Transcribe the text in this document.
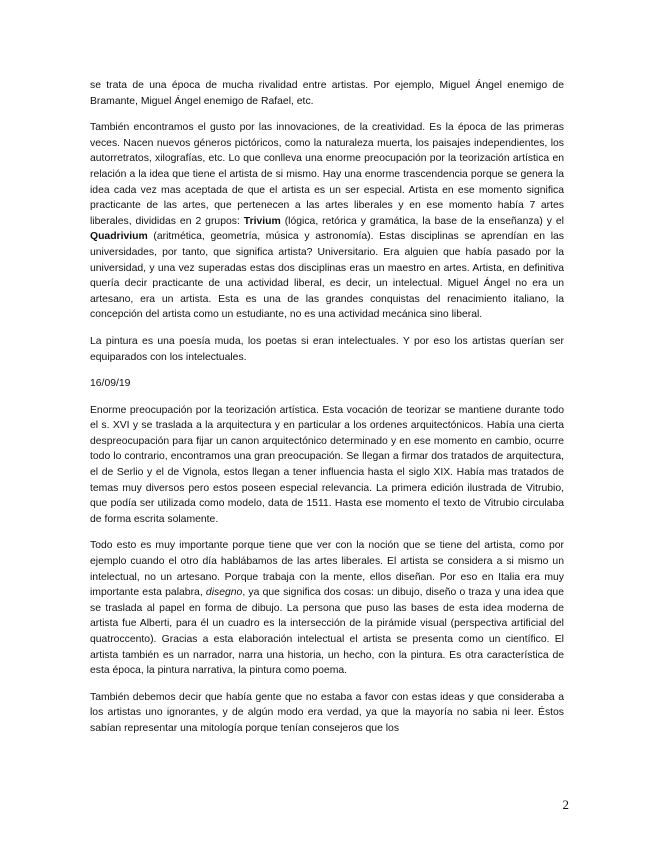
se trata de una época de mucha rivalidad entre artistas. Por ejemplo, Miguel Ángel enemigo de Bramante, Miguel Ángel enemigo de Rafael, etc.

También encontramos el gusto por las innovaciones, de la creatividad. Es la época de las primeras veces. Nacen nuevos géneros pictóricos, como la naturaleza muerta, los paisajes independientes, los autorretratos, xilografías, etc. Lo que conlleva una enorme preocupación por la teorización artística en relación a la idea que tiene el artista de si mismo. Hay una enorme trascendencia porque se genera la idea cada vez mas aceptada de que el artista es un ser especial. Artista en ese momento significa practicante de las artes, que pertenecen a las artes liberales y en ese momento había 7 artes liberales, divididas en 2 grupos: Trivium (lógica, retórica y gramática, la base de la enseñanza) y el Quadrivium (aritmética, geometría, música y astronomía). Estas disciplinas se aprendían en las universidades, por tanto, que significa artista? Universitario. Era alguien que había pasado por la universidad, y una vez superadas estas dos disciplinas eras un maestro en artes. Artista, en definitiva quería decir practicante de una actividad liberal, es decir, un intelectual. Miguel Ángel no era un artesano, era un artista. Esta es una de las grandes conquistas del renacimiento italiano, la concepción del artista como un estudiante, no es una actividad mecánica sino liberal.

La pintura es una poesía muda, los poetas si eran intelectuales. Y por eso los artistas querían ser equiparados con los intelectuales.

16/09/19

Enorme preocupación por la teorización artística. Esta vocación de teorizar se mantiene durante todo el s. XVI y se traslada a la arquitectura y en particular a los ordenes arquitectónicos. Había una cierta despreocupación para fijar un canon arquitectónico determinado y en ese momento en cambio, ocurre todo lo contrario, encontramos una gran preocupación. Se llegan a firmar dos tratados de arquitectura, el de Serlio y el de Vignola, estos llegan a tener influencia hasta el siglo XIX. Había mas tratados de temas muy diversos pero estos poseen especial relevancia. La primera edición ilustrada de Vitrubio, que podía ser utilizada como modelo, data de 1511. Hasta ese momento el texto de Vitrubio circulaba de forma escrita solamente.

Todo esto es muy importante porque tiene que ver con la noción que se tiene del artista, como por ejemplo cuando el otro día hablábamos de las artes liberales. El artista se considera a si mismo un intelectual, no un artesano. Porque trabaja con la mente, ellos diseñan. Por eso en Italia era muy importante esta palabra, disegno, ya que significa dos cosas: un dibujo, diseño o traza y una idea que se traslada al papel en forma de dibujo. La persona que puso las bases de esta idea moderna de artista fue Alberti, para él un cuadro es la intersección de la pirámide visual (perspectiva artificial del quatroccento). Gracias a esta elaboración intelectual el artista se presenta como un científico. El artista también es un narrador, narra una historia, un hecho, con la pintura. Es otra característica de esta época, la pintura narrativa, la pintura como poema.

También debemos decir que había gente que no estaba a favor con estas ideas y que consideraba a los artistas uno ignorantes, y de algún modo era verdad, ya que la mayoría no sabia ni leer. Éstos sabían representar una mitología porque tenían consejeros que los

2
